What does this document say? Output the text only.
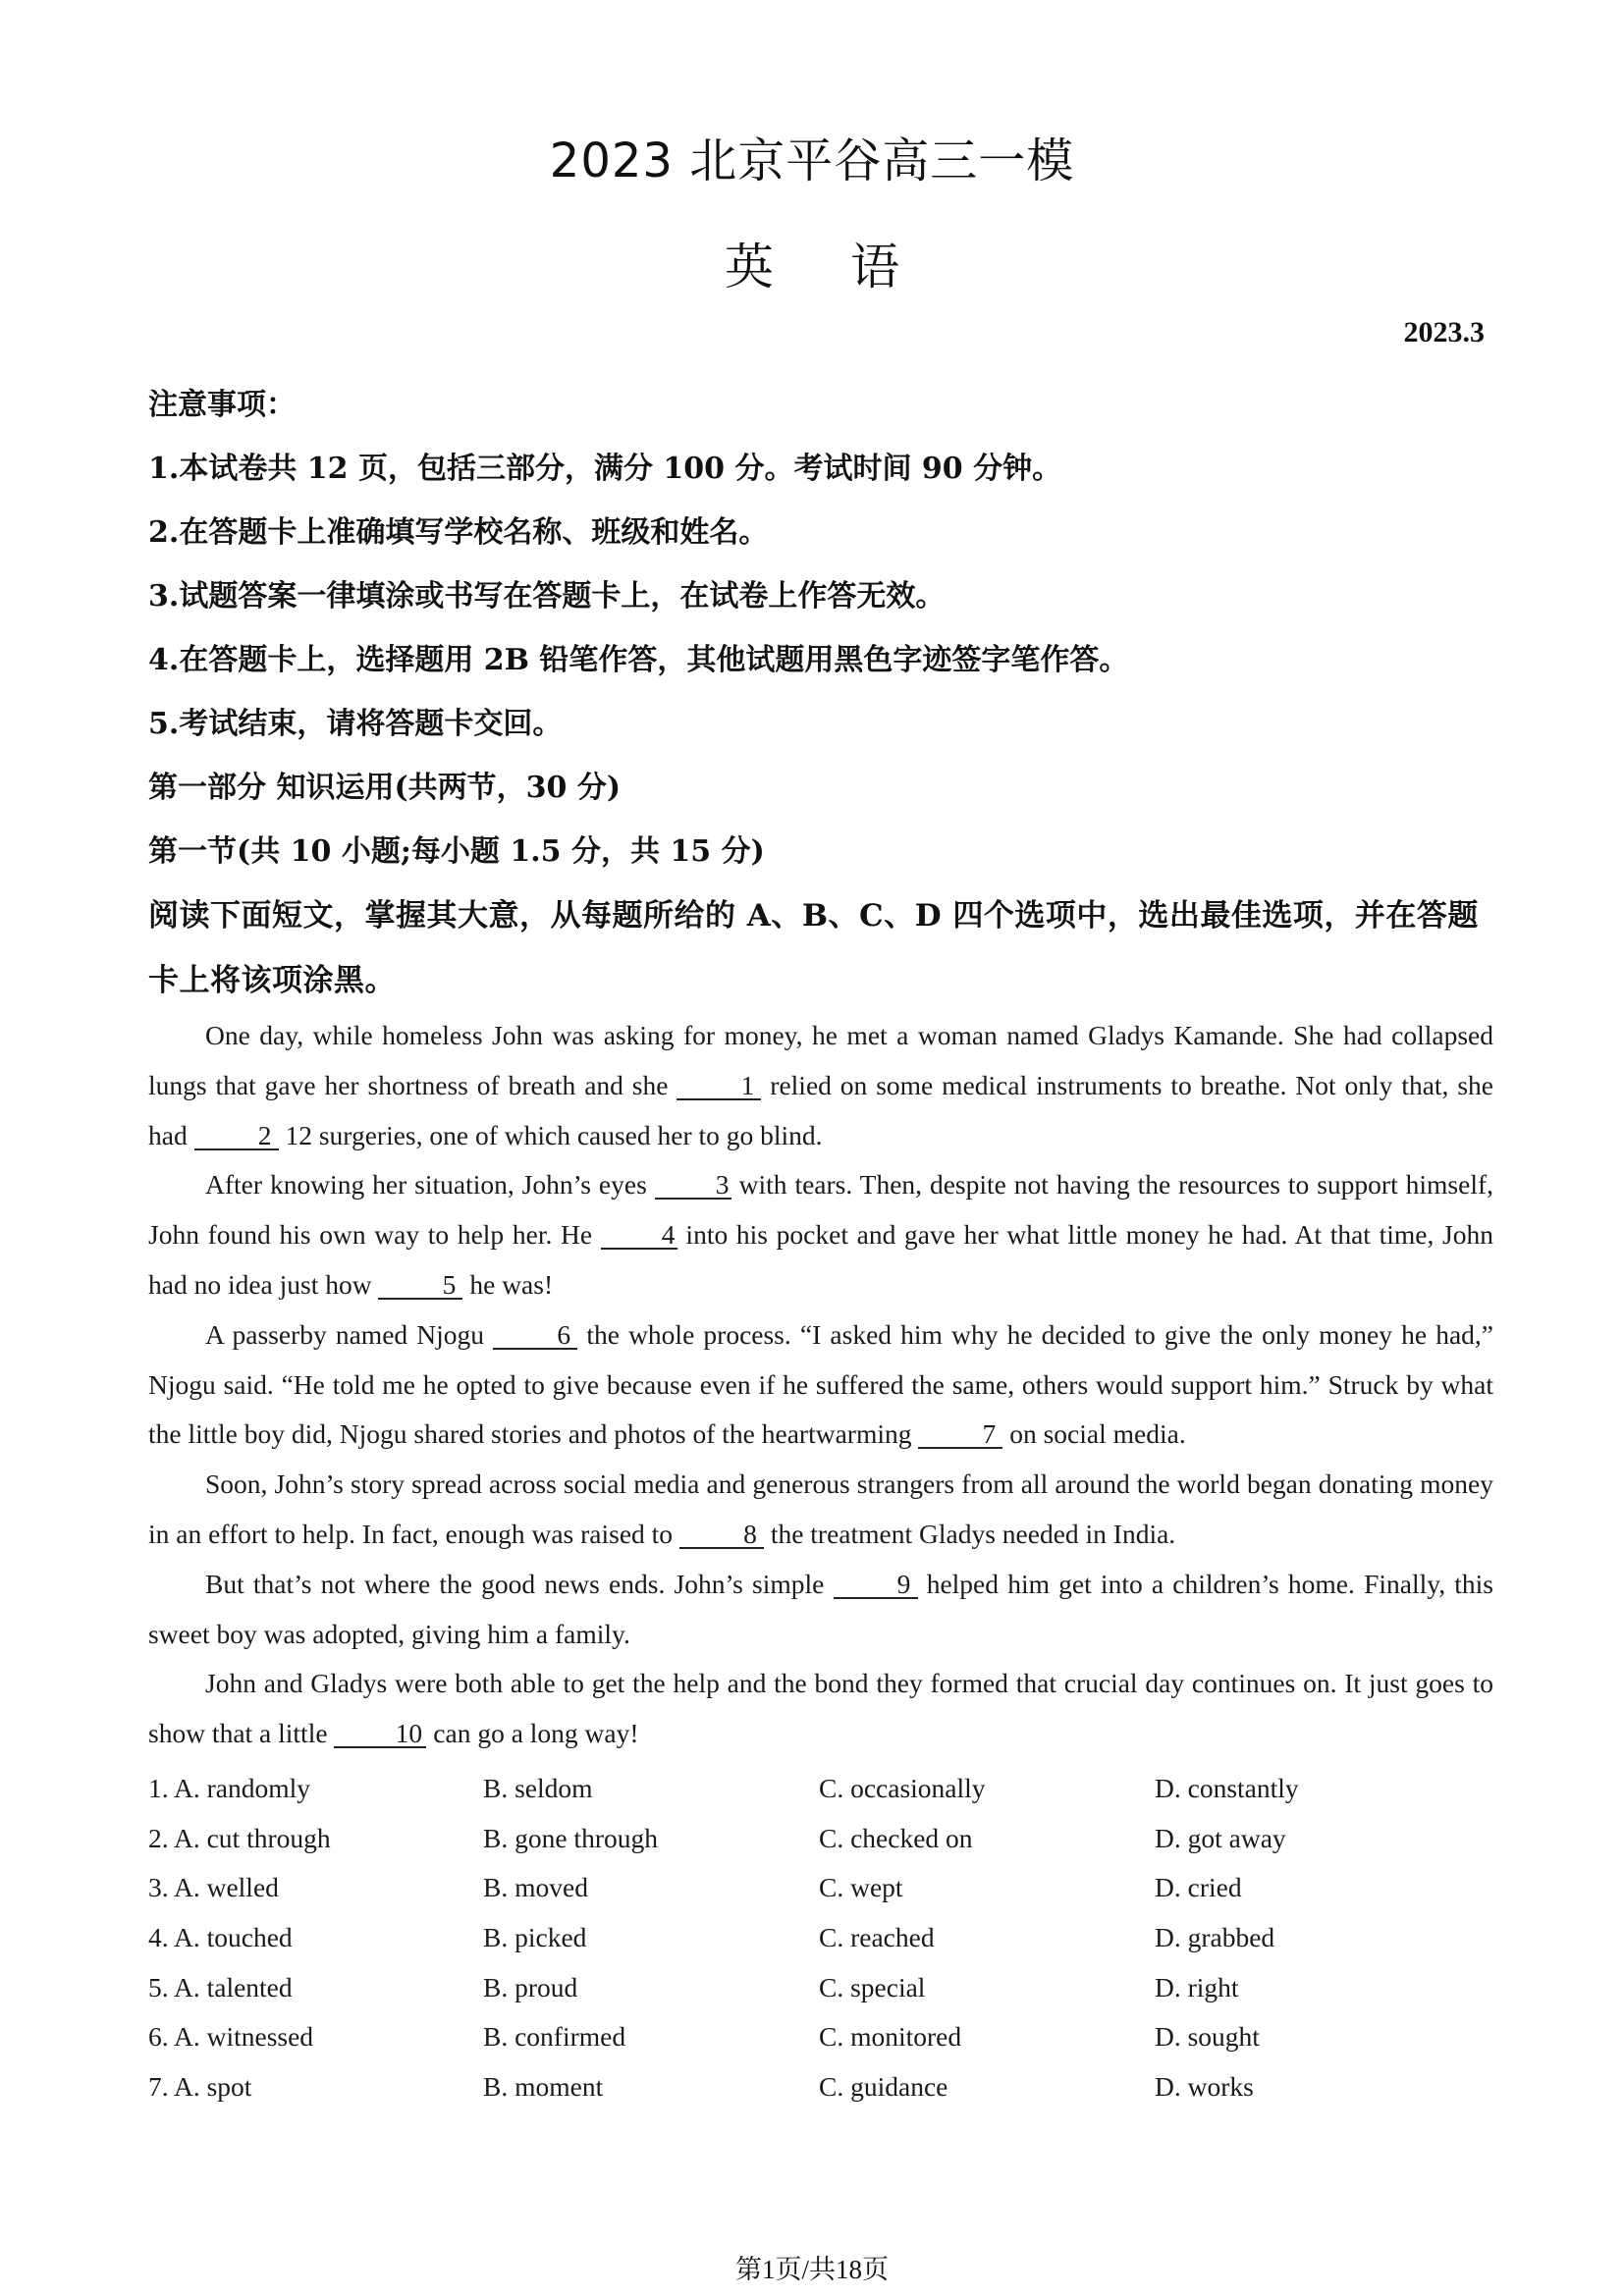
2023 北京平谷高三一模
英语
2023.3
注意事项：
1.本试卷共 12 页，包括三部分，满分 100 分。考试时间 90 分钟。
2.在答题卡上准确填写学校名称、班级和姓名。
3.试题答案一律填涂或书写在答题卡上，在试卷上作答无效。
4.在答题卡上，选择题用 2B 铅笔作答，其他试题用黑色字迹签字笔作答。
5.考试结束，请将答题卡交回。
第一部分 知识运用(共两节，30 分)
第一节(共 10 小题;每小题 1.5 分，共 15 分)
阅读下面短文，掌握其大意，从每题所给的 A、B、C、D 四个选项中，选出最佳选项，并在答题卡上将该项涂黑。

One day, while homeless John was asking for money, he met a woman named Gladys Kamande. She had collapsed lungs that gave her shortness of breath and she 1 relied on some medical instruments to breathe. Not only that, she had 2 12 surgeries, one of which caused her to go blind.

After knowing her situation, John’s eyes 3 with tears. Then, despite not having the resources to support himself, John found his own way to help her. He 4 into his pocket and gave her what little money he had. At that time, John had no idea just how 5 he was!

A passerby named Njogu 6 the whole process. “I asked him why he decided to give the only money he had,” Njogu said. “He told me he opted to give because even if he suffered the same, others would support him.” Struck by what the little boy did, Njogu shared stories and photos of the heartwarming 7 on social media.

Soon, John’s story spread across social media and generous strangers from all around the world began donating money in an effort to help. In fact, enough was raised to 8 the treatment Gladys needed in India.

But that’s not where the good news ends. John’s simple 9 helped him get into a children’s home. Finally, this sweet boy was adopted, giving him a family.

John and Gladys were both able to get the help and the bond they formed that crucial day continues on. It just goes to show that a little 10 can go a long way!

1. A. randomly	B. seldom	C. occasionally	D. constantly
2. A. cut through	B. gone through	C. checked on	D. got away
3. A. welled	B. moved	C. wept	D. cried
4. A. touched	B. picked	C. reached	D. grabbed
5. A. talented	B. proud	C. special	D. right
6. A. witnessed	B. confirmed	C. monitored	D. sought
7. A. spot	B. moment	C. guidance	D. works
第1页/共18页
